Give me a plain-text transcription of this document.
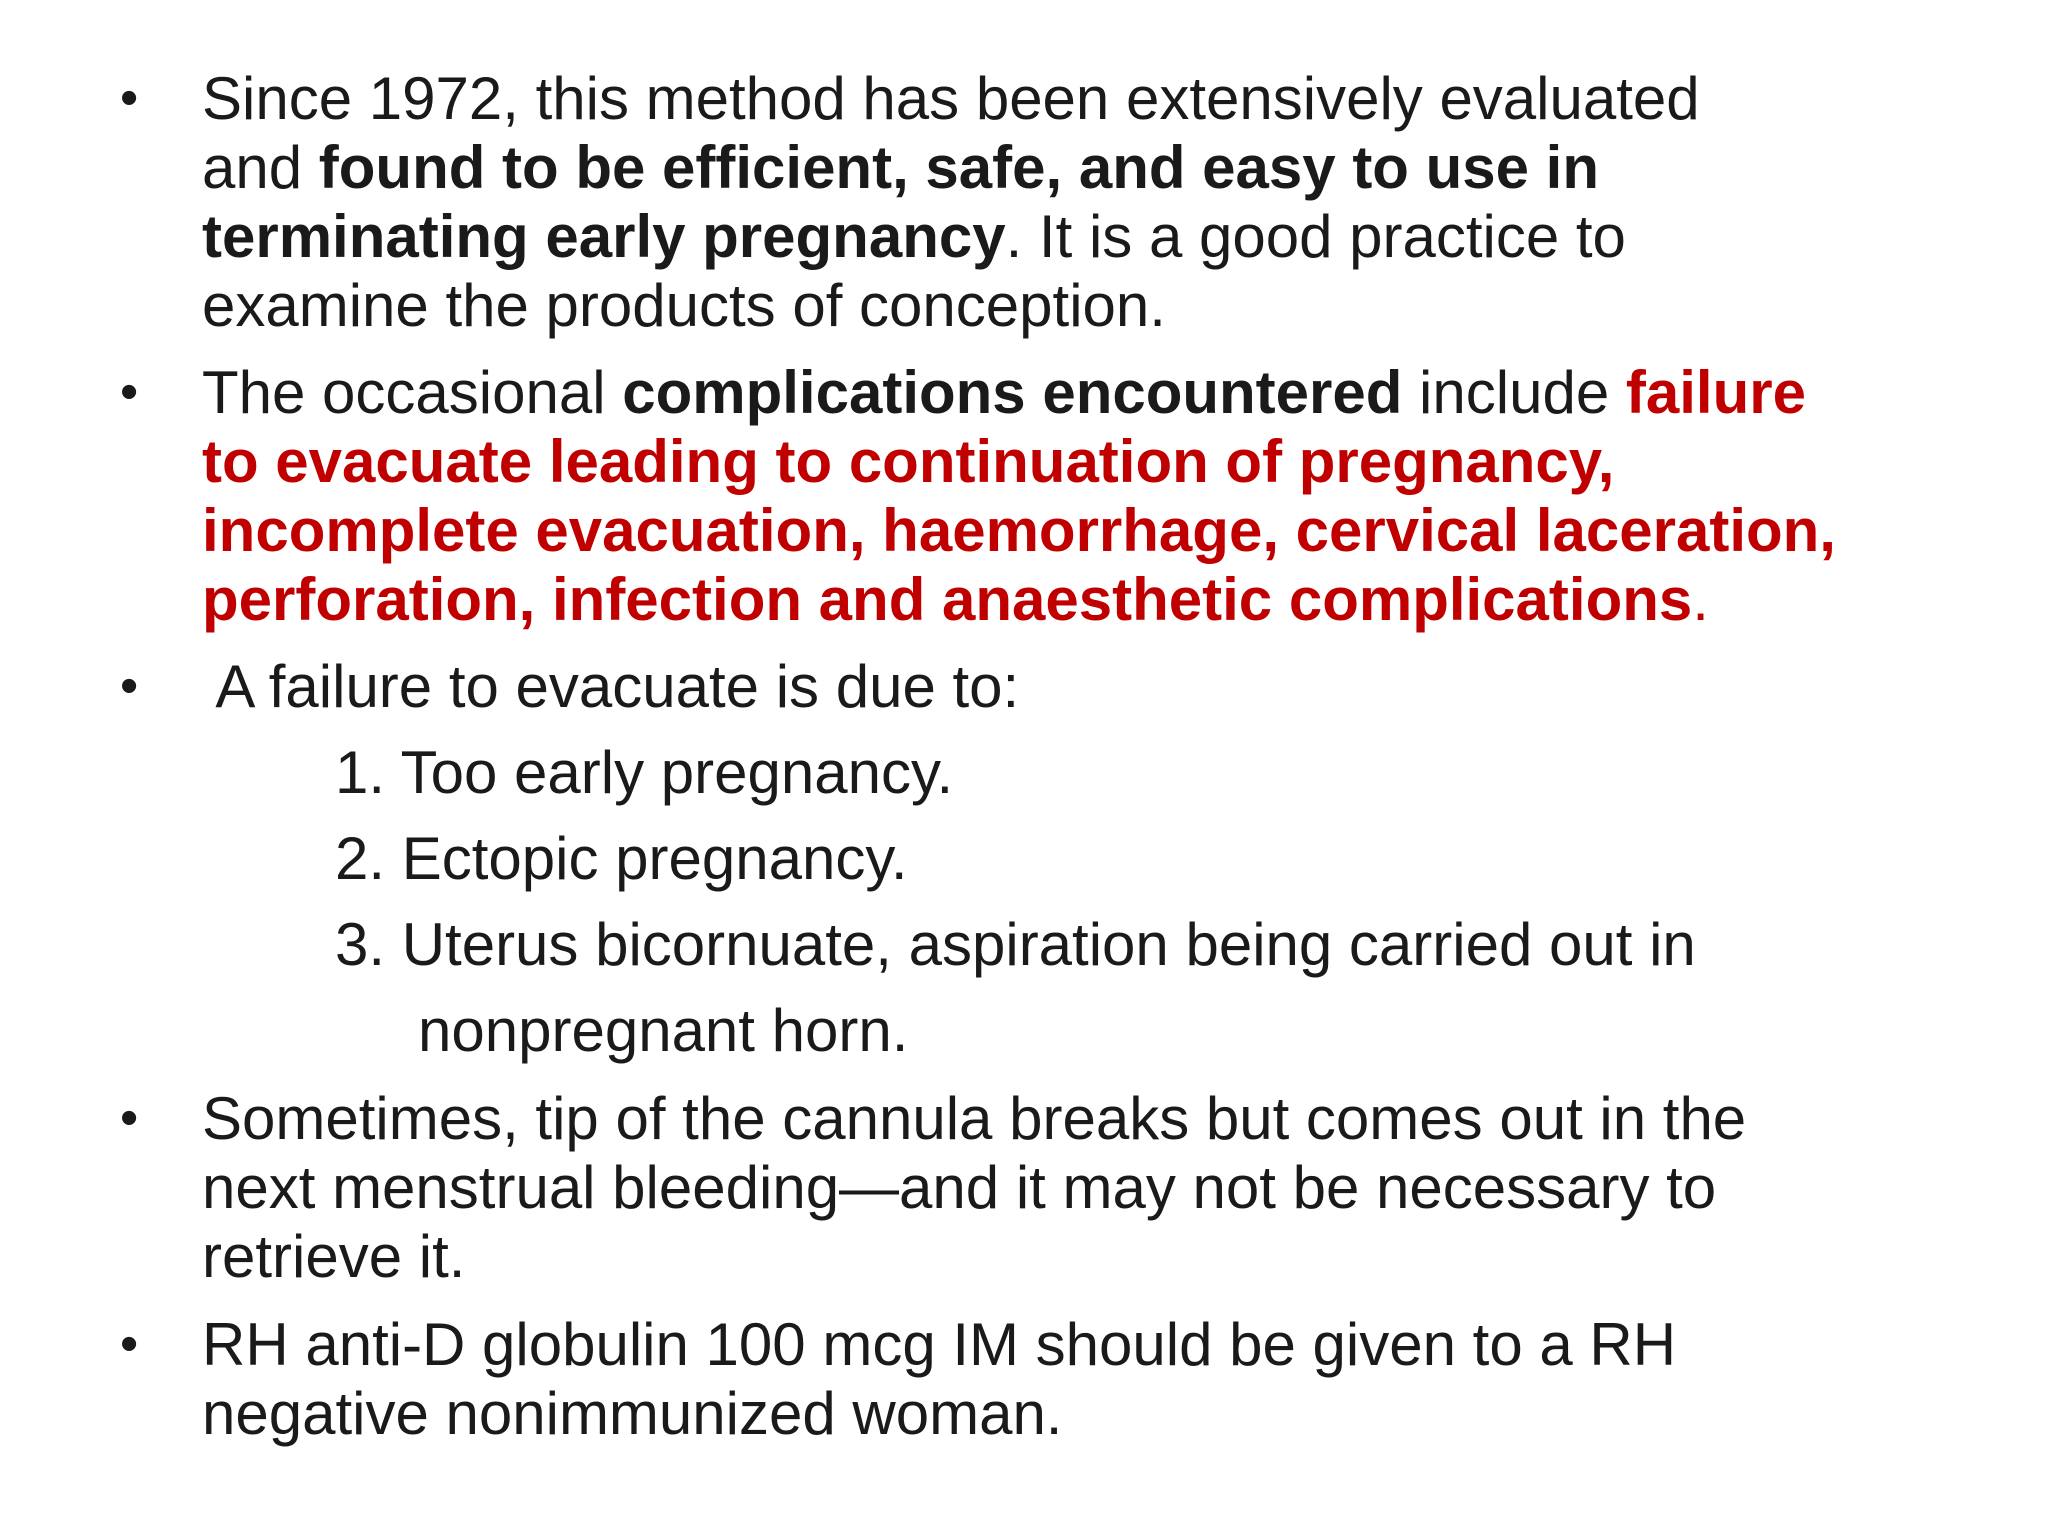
•	Since 1972, this method has been extensively evaluated
and found to be efficient, safe, and easy to use in
terminating early pregnancy. It is a good practice to
examine the products of conception.
•	The occasional complications encountered include failure
to evacuate leading to continuation of pregnancy,
incomplete evacuation, haemorrhage, cervical laceration,
perforation, infection and anaesthetic complications.
•	A failure to evacuate is due to:
1. Too early pregnancy.
2. Ectopic pregnancy.
3. Uterus bicornuate, aspiration being carried out in
nonpregnant horn.
•	Sometimes, tip of the cannula breaks but comes out in the
next menstrual bleeding—and it may not be necessary to
retrieve it.
•	RH anti-D globulin 100 mcg IM should be given to a RH
negative nonimmunized woman.
